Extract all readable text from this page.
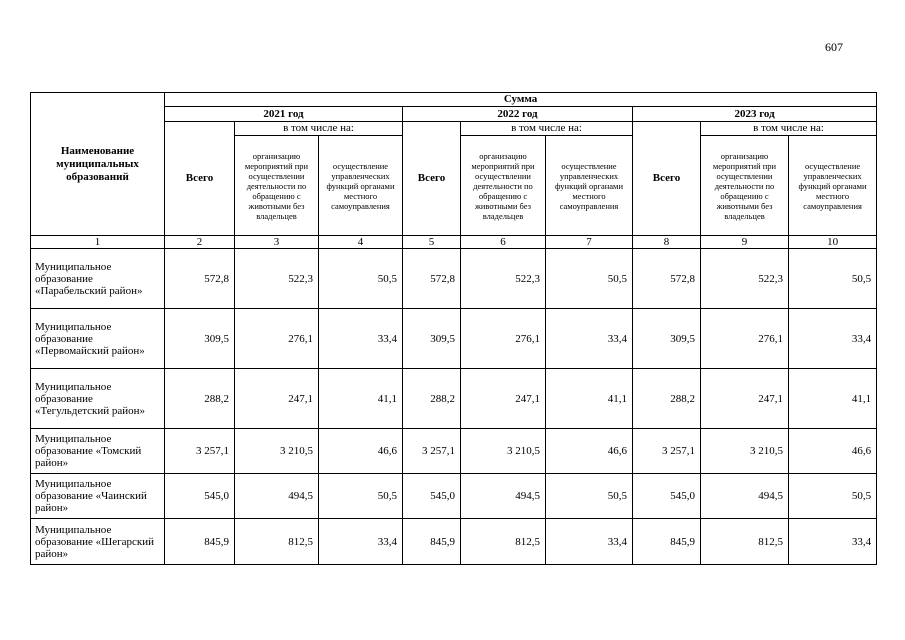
607
Наименование муниципальных образований	Сумма								
	2021 год			2022 год			2023 год		
	Всего	в том числе на:		Всего	в том числе на:		Всего	в том числе на:	
		организацию мероприятий при осуществлении деятельности по обращению с животными без владельцев	осуществление управленческих функций органами местного самоуправления		организацию мероприятий при осуществлении деятельности по обращению с животными без владельцев	осуществление управленческих функций органами местного самоуправления		организацию мероприятий при осуществлении деятельности по обращению с животными без владельцев	осуществление управленческих функций органами местного самоуправления
1	2	3	4	5	6	7	8	9	10
Муниципальное образование «Парабельский район»	572,8	522,3	50,5	572,8	522,3	50,5	572,8	522,3	50,5
Муниципальное образование «Первомайский район»	309,5	276,1	33,4	309,5	276,1	33,4	309,5	276,1	33,4
Муниципальное образование «Тегульдетский район»	288,2	247,1	41,1	288,2	247,1	41,1	288,2	247,1	41,1
Муниципальное образование «Томский район»	3 257,1	3 210,5	46,6	3 257,1	3 210,5	46,6	3 257,1	3 210,5	46,6
Муниципальное образование «Чаинский район»	545,0	494,5	50,5	545,0	494,5	50,5	545,0	494,5	50,5
Муниципальное образование «Шегарский район»	845,9	812,5	33,4	845,9	812,5	33,4	845,9	812,5	33,4
